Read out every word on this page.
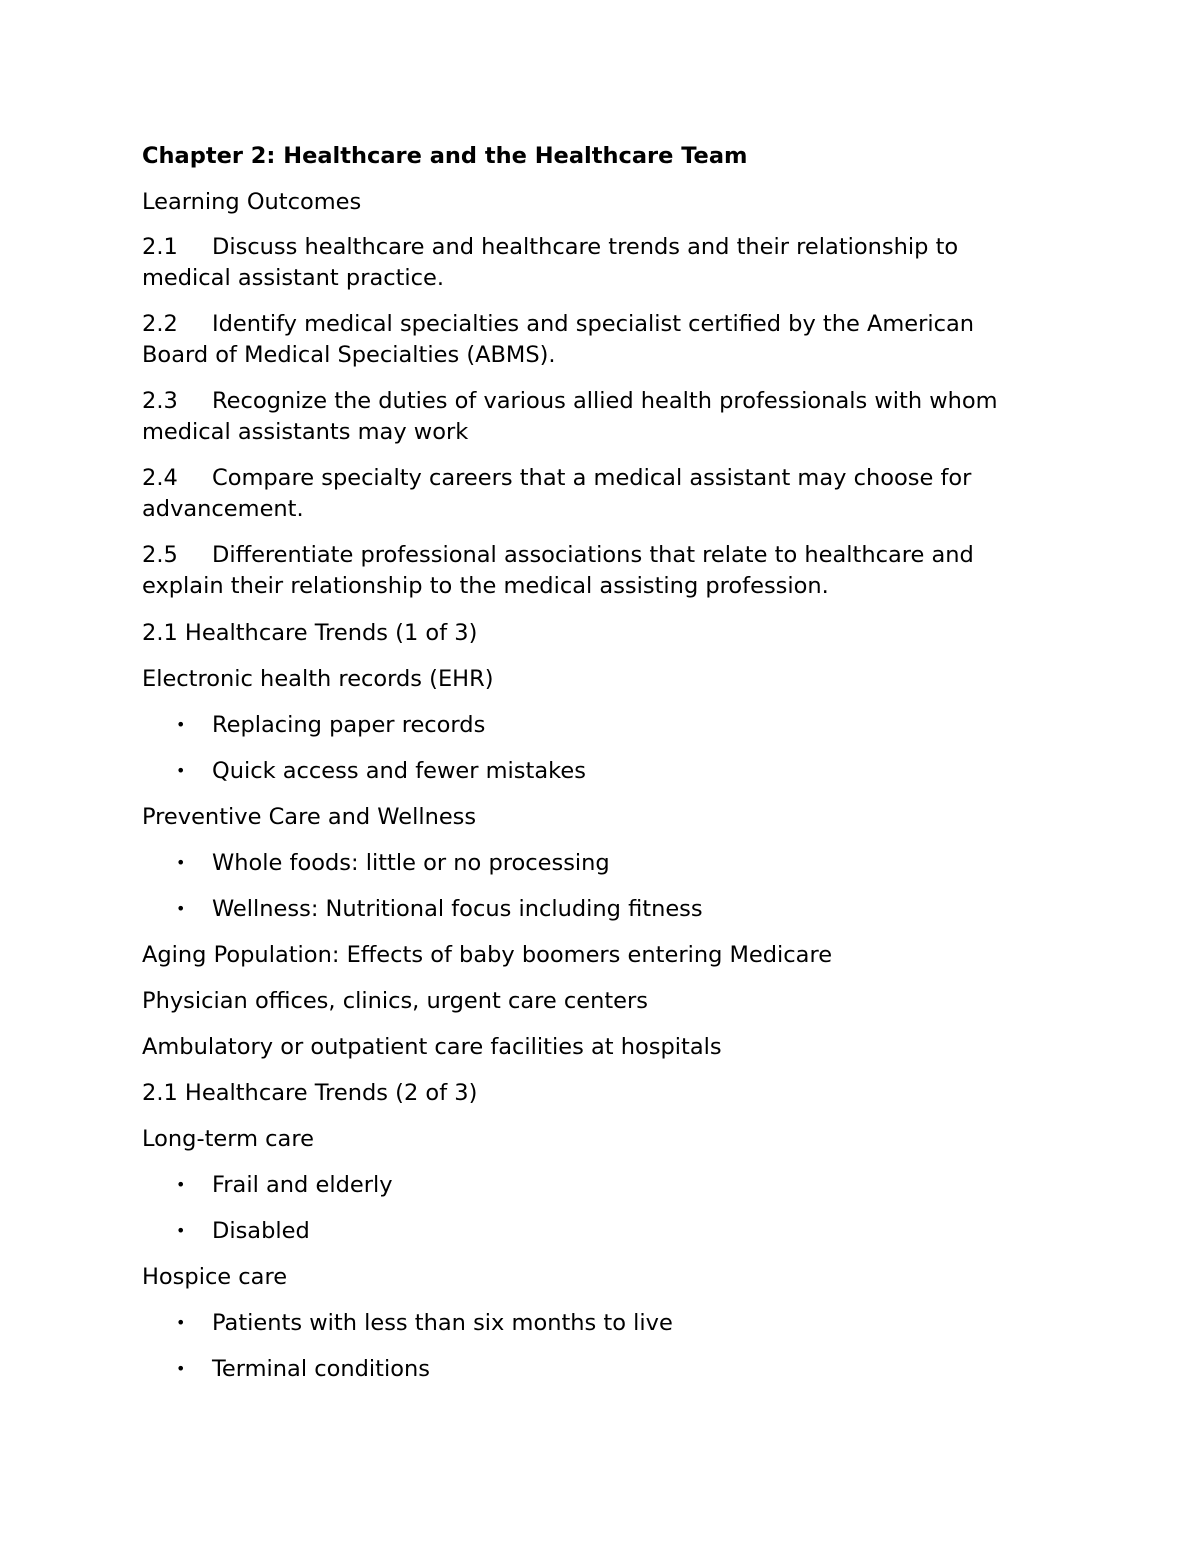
Chapter 2: Healthcare and the Healthcare Team
Learning Outcomes
2.1 Discuss healthcare and healthcare trends and their relationship to
medical assistant practice.
2.2 Identify medical specialties and specialist certified by the American
Board of Medical Specialties (ABMS).
2.3 Recognize the duties of various allied health professionals with whom
medical assistants may work
2.4 Compare specialty careers that a medical assistant may choose for
advancement.
2.5 Differentiate professional associations that relate to healthcare and
explain their relationship to the medical assisting profession.
2.1 Healthcare Trends (1 of 3)
Electronic health records (EHR)
• Replacing paper records
• Quick access and fewer mistakes
Preventive Care and Wellness
• Whole foods: little or no processing
• Wellness: Nutritional focus including fitness
Aging Population: Effects of baby boomers entering Medicare
Physician offices, clinics, urgent care centers
Ambulatory or outpatient care facilities at hospitals
2.1 Healthcare Trends (2 of 3)
Long-term care
• Frail and elderly
• Disabled
Hospice care
• Patients with less than six months to live
• Terminal conditions
